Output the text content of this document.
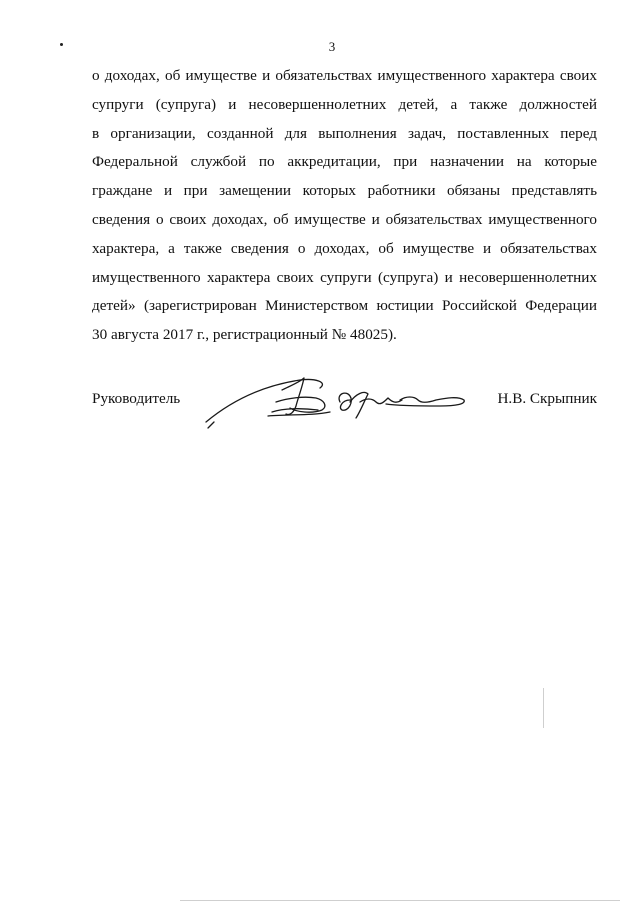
3
о доходах, об имуществе и обязательствах имущественного характера своих
супруги (супруга) и несовершеннолетних детей, а также должностей
в организации, созданной для выполнения задач, поставленных перед
Федеральной службой по аккредитации, при назначении на которые
граждане и при замещении которых работники обязаны представлять
сведения о своих доходах, об имуществе и обязательствах имущественного
характера, а также сведения о доходах, об имуществе и обязательствах
имущественного характера своих супруги (супруга) и несовершеннолетних
детей» (зарегистрирован Министерством юстиции Российской Федерации
30 августа 2017 г., регистрационный № 48025).
Руководитель	Н.В. Скрыпник
